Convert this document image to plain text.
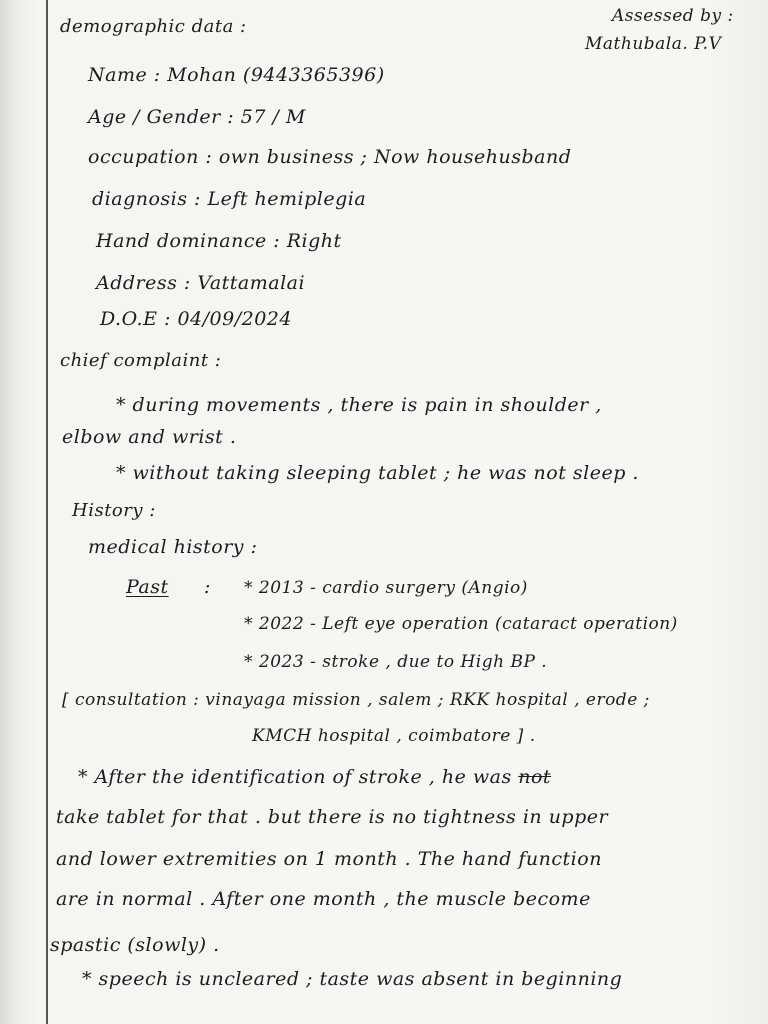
Assessed by :
Mathubala. P.V
demographic data :
Name : Mohan (9443365396)
Age / Gender : 57 / M
occupation : own business ; Now househusband
diagnosis : Left hemiplegia
Hand dominance : Right
Address : Vattamalai
D.O.E : 04/09/2024
chief complaint :
* during movements , there is pain in shoulder ,
elbow and wrist .
* without taking sleeping tablet ; he was not sleep .
History :
medical history :
Past : * 2013 - cardio surgery (Angio)
* 2022 - Left eye operation (cataract operation)
* 2023 - stroke , due to High BP .
[ consultation : vinayaga mission , salem ; RKK hospital , erode ;
KMCH hospital , coimbatore ] .
* After the identification of stroke , he was not
take tablet for that . but there is no tightness in upper
and lower extremities on 1 month . The hand function
are in normal . After one month , the muscle become
spastic (slowly) .
* speech is uncleared ; taste was absent in beginning
